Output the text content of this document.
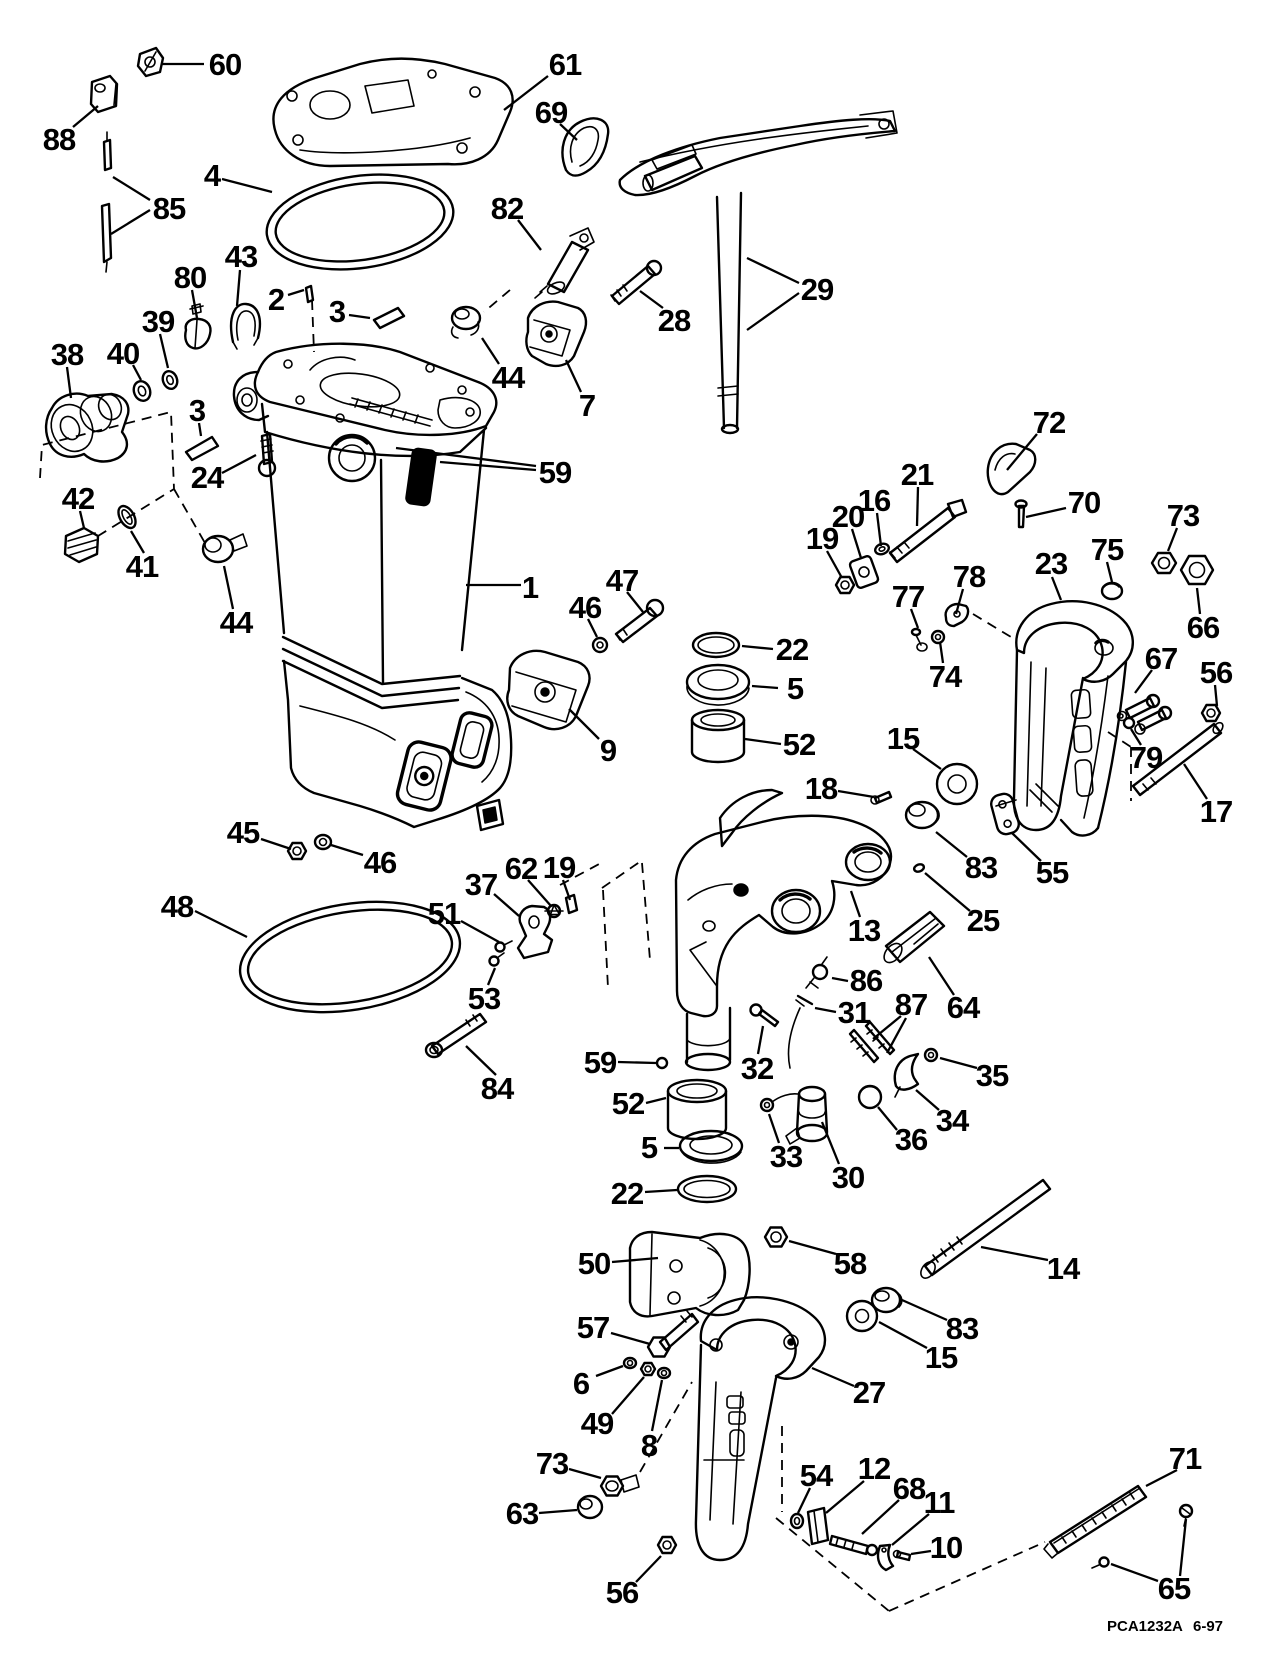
60
88
85
4
61
69
82
29
28
44
7
43
80
2 3
39
40
38
3
24
42
41
44
59
1 47
46
22
5
52
9
45
46
48
37 62 19
51
53
84
59
52
5
22
50	58	14
57	83
15
6	27
49
8
73
63
56
54 12
68
11
10
71
65
72
21
16
20
19
70 73
75
23
66
78
77
74
67 56
79
17
15
18
83
25
55
13
86
87
31 64
32	35
34
36
30
33
PCA1232A 6-97
